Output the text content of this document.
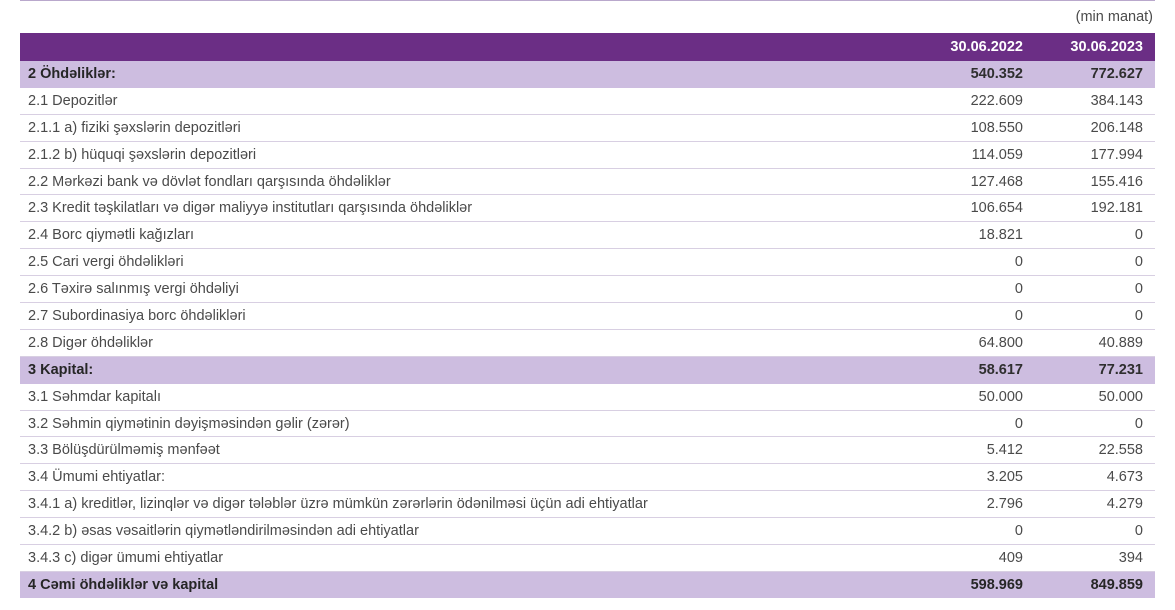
(min manat)
	30.06.2022	30.06.2023
2 Öhdəliklər:	540.352	772.627
2.1 Depozitlər	222.609	384.143
2.1.1 a) fiziki şəxslərin depozitləri	108.550	206.148
2.1.2 b) hüquqi şəxslərin depozitləri	114.059	177.994
2.2 Mərkəzi bank və dövlət fondları qarşısında öhdəliklər	127.468	155.416
2.3 Kredit təşkilatları və digər maliyyə institutları qarşısında öhdəliklər	106.654	192.181
2.4 Borc qiymətli kağızları	18.821	0
2.5 Cari vergi öhdəlikləri	0	0
2.6 Təxirə salınmış vergi öhdəliyi	0	0
2.7 Subordinasiya borc öhdəlikləri	0	0
2.8 Digər öhdəliklər	64.800	40.889
3 Kapital:	58.617	77.231
3.1 Səhmdar kapitalı	50.000	50.000
3.2 Səhmin qiymətinin dəyişməsindən gəlir (zərər)	0	0
3.3 Bölüşdürülməmiş mənfəət	5.412	22.558
3.4 Ümumi ehtiyatlar:	3.205	4.673
3.4.1 a) kreditlər, lizinqlər və digər tələblər üzrə mümkün zərərlərin ödənilməsi üçün adi ehtiyatlar	2.796	4.279
3.4.2 b) əsas vəsaitlərin qiymətləndirilməsindən adi ehtiyatlar	0	0
3.4.3 c) digər ümumi ehtiyatlar	409	394
4 Cəmi öhdəliklər və kapital	598.969	849.859
